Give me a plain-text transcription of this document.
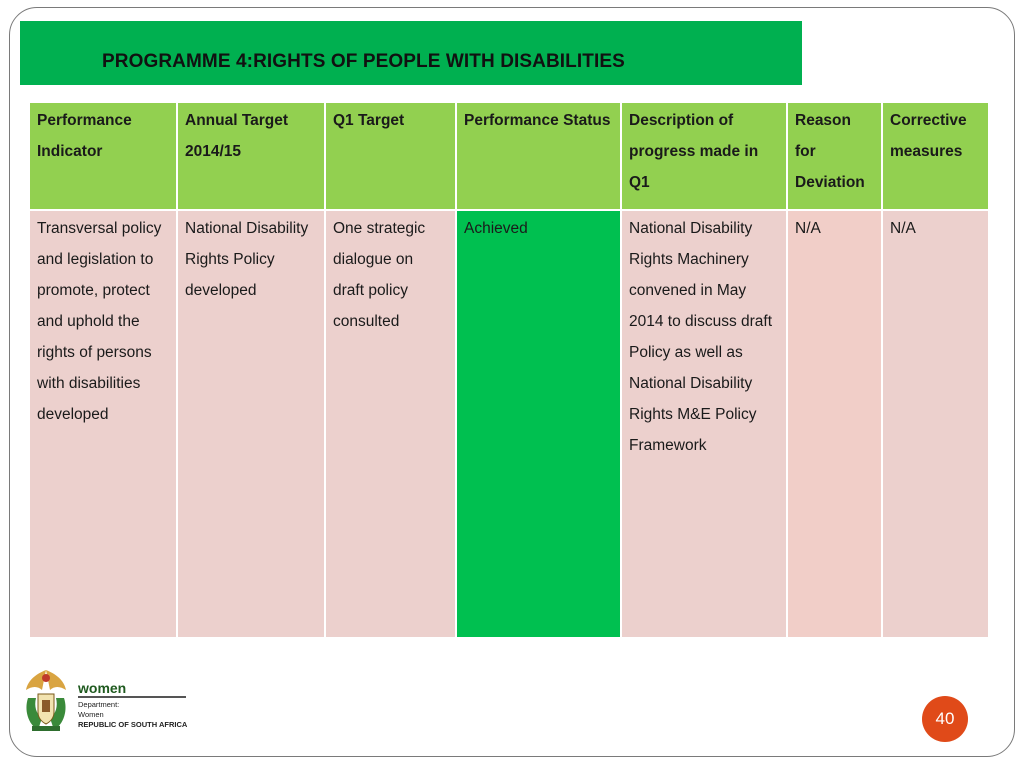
PROGRAMME 4:RIGHTS OF PEOPLE WITH DISABILITIES
Performance Indicator	Annual Target 2014/15	Q1 Target	Performance Status	Description of progress made in Q1	Reason for Deviation	Corrective measures
Transversal policy and legislation to promote, protect and uphold the rights of persons with disabilities developed	National Disability Rights Policy developed	One strategic dialogue on draft policy consulted	Achieved	National Disability Rights Machinery convened in May 2014 to discuss draft Policy as well as National Disability Rights M&E Policy Framework	N/A	N/A
women
Department:
Women
REPUBLIC OF SOUTH AFRICA	40
